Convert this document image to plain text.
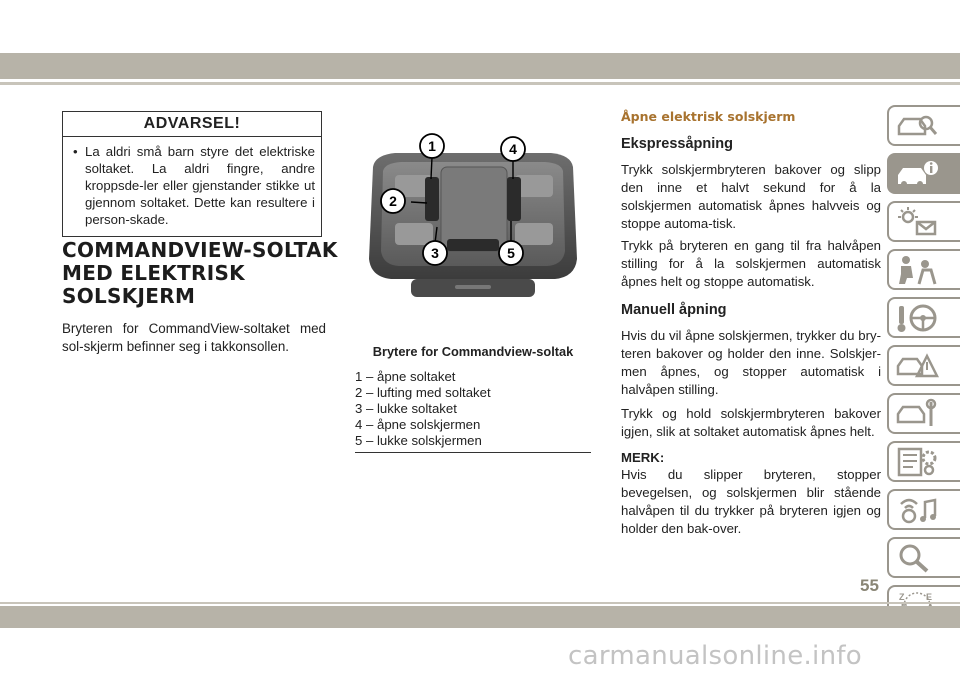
ADVARSEL!
• La aldri små barn styre det elektriske soltaket. La aldri fingre, andre kroppsde-ler eller gjenstander stikke ut gjennom soltaket. Dette kan resultere i person-skade.
COMMANDVIEW-SOLTAK
MED ELEKTRISK
SOLSKJERM
Bryteren for CommandView-soltaket med sol-skjerm befinner seg i takkonsollen.
1
2
3
4
5
Brytere for Commandview-soltak
1 – åpne soltaket
2 – lufting med soltaket
3 – lukke soltaket
4 – åpne solskjermen
5 – lukke solskjermen
Åpne elektrisk solskjerm
Ekspressåpning
Trykk solskjermbryteren bakover og slipp den inne et halvt sekund for å la solskjermen automatisk åpnes halvveis og stoppe automa-tisk.
Trykk på bryteren en gang til fra halvåpen stilling for å la solskjermen automatisk åpnes helt og stoppe automatisk.
Manuell åpning
Hvis du vil åpne solskjermen, trykker du bry-teren bakover og holder den inne. Solskjer-men åpnes, og stopper automatisk i halvåpen stilling.
Trykk og hold solskjermbryteren bakover igjen, slik at soltaket automatisk åpnes helt.
MERK:
Hvis du slipper bryteren, stopper bevegelsen, og solskjermen blir stående halvåpen til du trykker på bryteren igjen og holder den bak-over.
Z E
55
carmanualsonline.info
